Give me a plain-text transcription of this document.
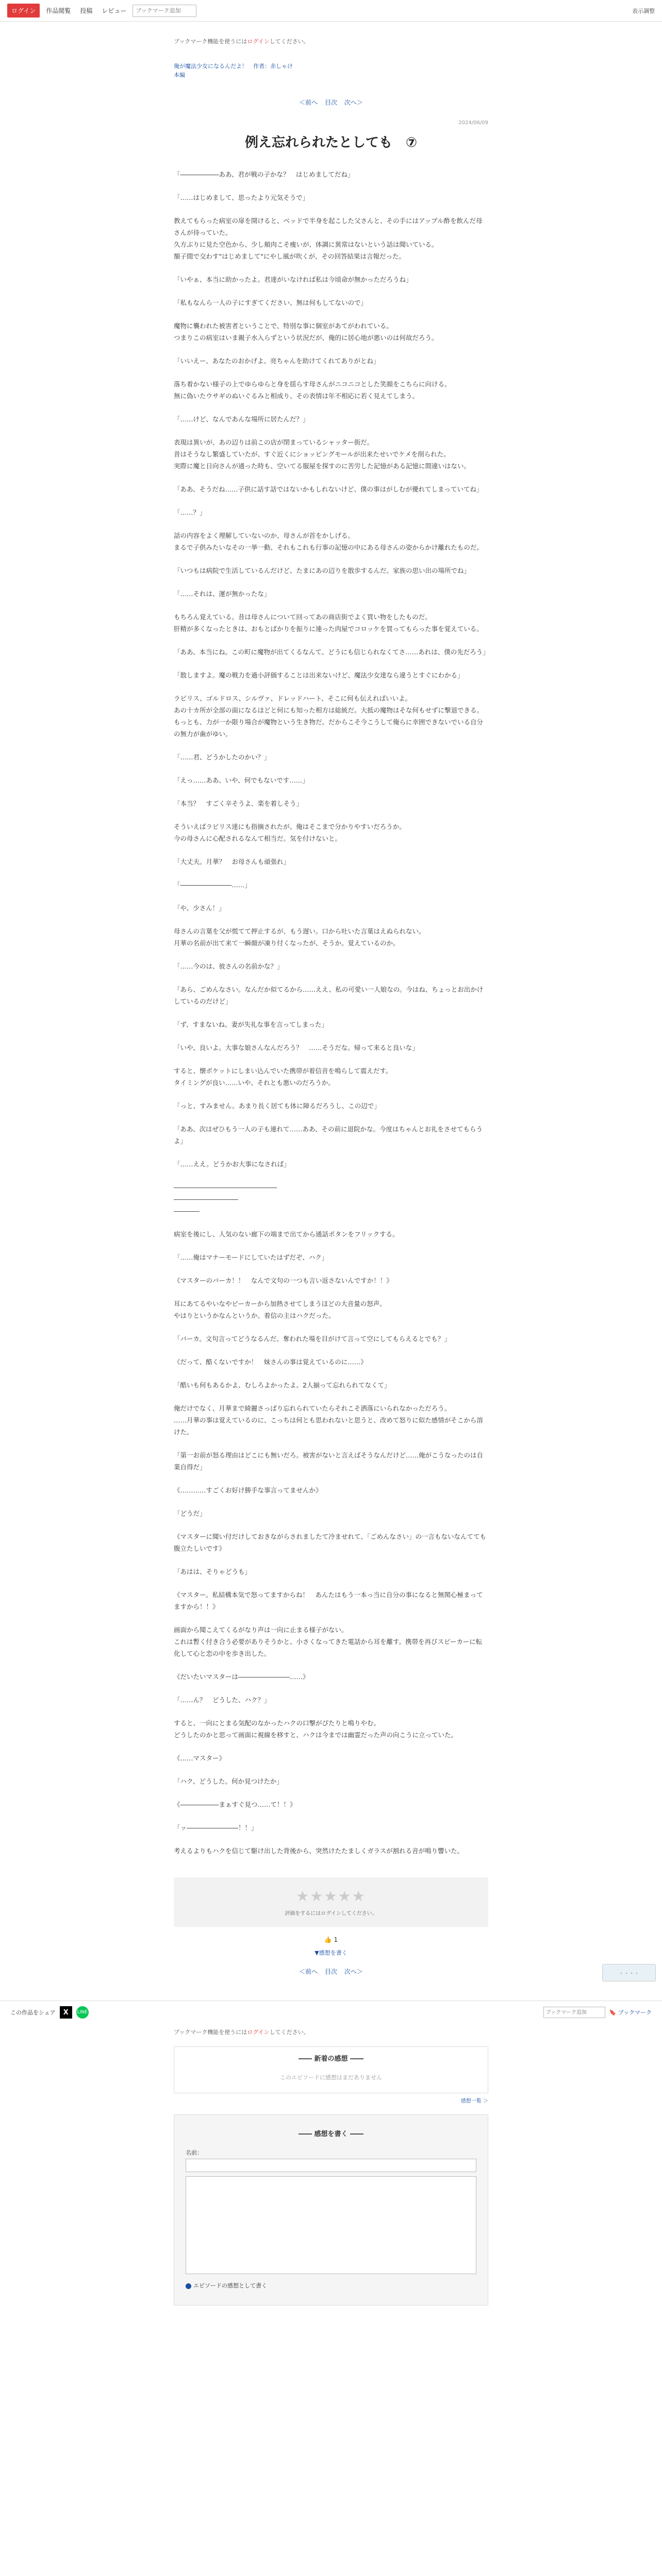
ログイン	作品閲覧	投稿	レビュー
ブックマーク追加	表示調整
ブックマーク機能を使うにはログインしてください。
俺が魔法少女になるんだよ！　作者：赤しゃけ
本編
＜前へ 目次 次へ＞
2024/06/09
例え忘れられたとしても　⑦

「――――――ああ、君が戦の子かな？　はじめましてだね」

「……はじめまして、思ったより元気そうで」

教えてもらった病室の扉を開けると、ベッドで半身を起こした父さんと、その手にはアップル酢を飲んだ母さんが待っていた。
久方ぶりに見た空色から、少し頬肉こそ痩いが、体調に異常はないという話は聞いている。
額子間で交わす"はじめまして"にやし風が吹くが、その回答結果は言報だった。

「いやぁ、本当に助かったよ。君達がいなければ私は今頃命が無かっただろうね」

「私もなんら一人の子にすぎてください、無は何もしてないので」

魔物に襲われた被害者ということで、特別な事に個室があてがわれている。
つまりこの病室はいま親子水入らずという状況だが、俺的に居心地が悪いのは何故だろう。

「いいえー、あなたのおかげよ。亮ちゃんを助けてくれてありがとね」

落ち着かない様子の上でゆらゆらと身を揺らす母さんがニコニコとした笑顔をこちらに向ける。
無に偽いたウサギのぬいぐるみと相成り、その表情は年不相応に若く見えてしまう。

「……けど、なんであんな場所に居たんだ？」

表現は異いが、あの辺りは前この店が閉まっているシャッター街だ。
昔はそうなし繁盛していたが、すぐ近くにショッピングモールが出来たせいでケメを削られた。
実際に魔と日向さんが通った時も、空いてる服屋を探すのに苦労した記憶がある記憶に間違いはない。

「ああ、そうだね……子供に話す話ではないかもしれないけど、僕の事はがしむが優れてしまっていてね」

「……？」

話の内容をよく理解していないのか、母さんが首をかしげる。
まるで子供みたいなその一挙一動、それもこれも行事の記憶の中にある母さんの姿からかけ離れたものだ。

「いつもは病院で生活しているんだけど、たまにあの辺りを散歩するんだ。家族の思い出の場所でね」

「……それは、運が無かったな」

もちろん覚えている。昔は母さんについて回ってあの商店街でよく買い物をしたものだ。
肝精が多くなったときは、おもとばかりを振りに連った肉屋でコロッケを買ってもらった事を覚えている。

「ああ、本当にね。この町に魔物が出てくるなんて、どうにも信じられなくてさ……あれは、僕の先だろう」

「散しますよ。魔の戦力を過小評価することは出来ないけど、魔法少女達なら違うとすぐにわかる」

ラピリス、ゴルドロス、シルヴァ、ドレッドハート、そこに何も伝えればいいよ。
あの十カ所が全部の面になるほどと何にも知った相方は総統だ。大抵の魔物はそな何もせずに撃退できる。
もっとも、力が一か限り場合が魔物という生き物だ。だからこそ今こうして俺らに幸囲できないでいる自分の無力が歯がゆい。

「……君、どうかしたのかい？」

「えっ……ああ、いや、何でもないです……」

「本当？　すごく辛そうよ、楽を着しそう」

そういえばラピリス達にも指摘されたが、俺はそこまで分かりやすいだろうか。
今の母さんに心配されるなんて相当だ。気を付けないと。

「大丈夫。月華？　お母さんも頑張れ」

「――――――――……」

「や、少さん！」

母さんの言葉を父が慌てて押止するが、もう遅い。口から吐いた言葉はえぬられない。
月華の名前が出て来て一瞬顔が凍り付くなったが、そうか。覚えているのか。

「……今のは、彼さんの名前かな？」

「あら、ごめんなさい。なんだか似てるから……ええ、私の可愛い一人娘なの。今はね、ちょっとお出かけしているのだけど」

「ず、すまないね。妻が失礼な事を言ってしまった」

「いや、良いよ。大事な娘さんなんだろう？　……そうだな。帰って来ると良いな」

すると、懐ポケットにしまい込んでいた携帯が着信音を鳴らして震えだす。
タイミングが良い……いや、それとも悪いのだろうか。

「っと、すみません。あまり長く居ても体に障るだろうし、この辺で」

「ああ、次はぜひもう一人の子も連れて……ああ、その前に退院かな。今度はちゃんとお礼をさせてもらうよ」

「……ええ。どうかお大事になされば」

――――――――――――――――
――――――――――
――――

病室を後にし、人気のない廊下の端まで出てから通話ボタンをフリックする。

「……俺はマナーモードにしていたはずだぞ、ハク」

《マスターのバーカ！！　なんで文句の一つも言い返さないんですか！！》

耳にあてるやいなやビーカーから加熱させてしまうほどの大音量の怒声。
やはりというかなんというか、着信の主はハクだった。

「バーカ。文句言ってどうなるんだ。奪われた場を目がけて言って空にしてもらえるとでも？」

《だって、酷くないですか！　妹さんの事は覚えているのに……》

「酷いも何もあるかよ、むしろよかったよ。2人揃って忘れられてなくて」

俺だけでなく、月華まで綺麗さっぱり忘れられていたらそれこそ洒落にいられなかっただろう。
……月華の事は覚えているのに、こっちは何とも思われないと思うと、改めて怒りに似た感情がそこから溶けた。

「第一お前が怒る理由はどこにも無いだろ。被害がないと言えばそうなんだけど……俺がこうなったのは自業自得だ」

《…………すごくお好け勝手な事言ってませんか》

「どうだ」

《マスターに聞い付だけしておきながらされましたて冷ませれて、「ごめんなさい」の一言もないなんてても腹立たしいです》

「あはは、そりゃどうも」

《マスター。私結構本気で怒ってますからね！　あんたはもう一本っ当に自分の事になると無関心極まってますから！！》

画面から聞こえてくるがなり声は一向に止まる様子がない。
これは暫く付き合う必要がありそうかと、小さくなってきた電話から耳を離す。携帯を再びスピーカーに転化して心と恋の中を歩き出した。

《だいたいマスターは――――――――……》

「……ん？　どうした、ハク？」

すると、一向にとまる気配のなかったハクの口撃がぴたりと鳴りやむ。
どうしたのかと思って画面に視線を移すと、ハクは今までは幽霊だった声の向こうに立っていた。

《……マスター》

「ハク、どうした。何か見つけたか」

《――――――まぁすぐ見つ……て！！》

「ッ――――――――！！」

考えるよりもハクを信じて駆け出した背後から、突然けたたましくガラスが割れる音が鳴り響いた。

★★★★★
評価をするにはログインしてください。
👍 1
▼感想を書く
＜前へ 目次 次へ＞	・・・・
この作品をシェア	X	LINE
ブックマーク追加	🔖 ブックマーク
ブックマーク機能を使うにはログインしてください。
―― 新着の感想 ――
このエピソードに感想はまだありません
感想一覧 ＞
―― 感想を書く ――
名前：
エピソードの感想として書く
